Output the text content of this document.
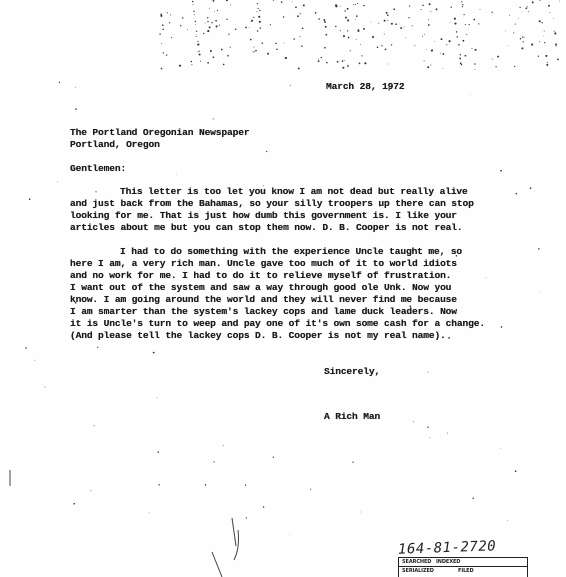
March 28, 1972
The Portland Oregonian Newspaper
Portland, Oregon
Gentlemen:
This letter is too let you know I am not dead but really alive
and just back from the Bahamas, so your silly troopers up there can stop
looking for me. That is just how dumb this government is. I like your
articles about me but you can stop them now. D. B. Cooper is not real.
I had to do something with the experience Uncle taught me, so
here I am, a very rich man. Uncle gave too much of it to world idiots
and no work for me. I had to do it to relieve myself of frustration.
I want out of the system and saw a way through good ole Unk. Now you
know. I am going around the world and they will never find me because
I am smarter than the system's lackey cops and lame duck leaders. Now
it is Uncle's turn to weep and pay one of it's own some cash for a change.
(And please tell the lackey cops D. B. Cooper is not my real name).
Sincerely,
A Rich Man
164-81-2720
SEARCHED INDEXED
SERIALIZED	FILED
